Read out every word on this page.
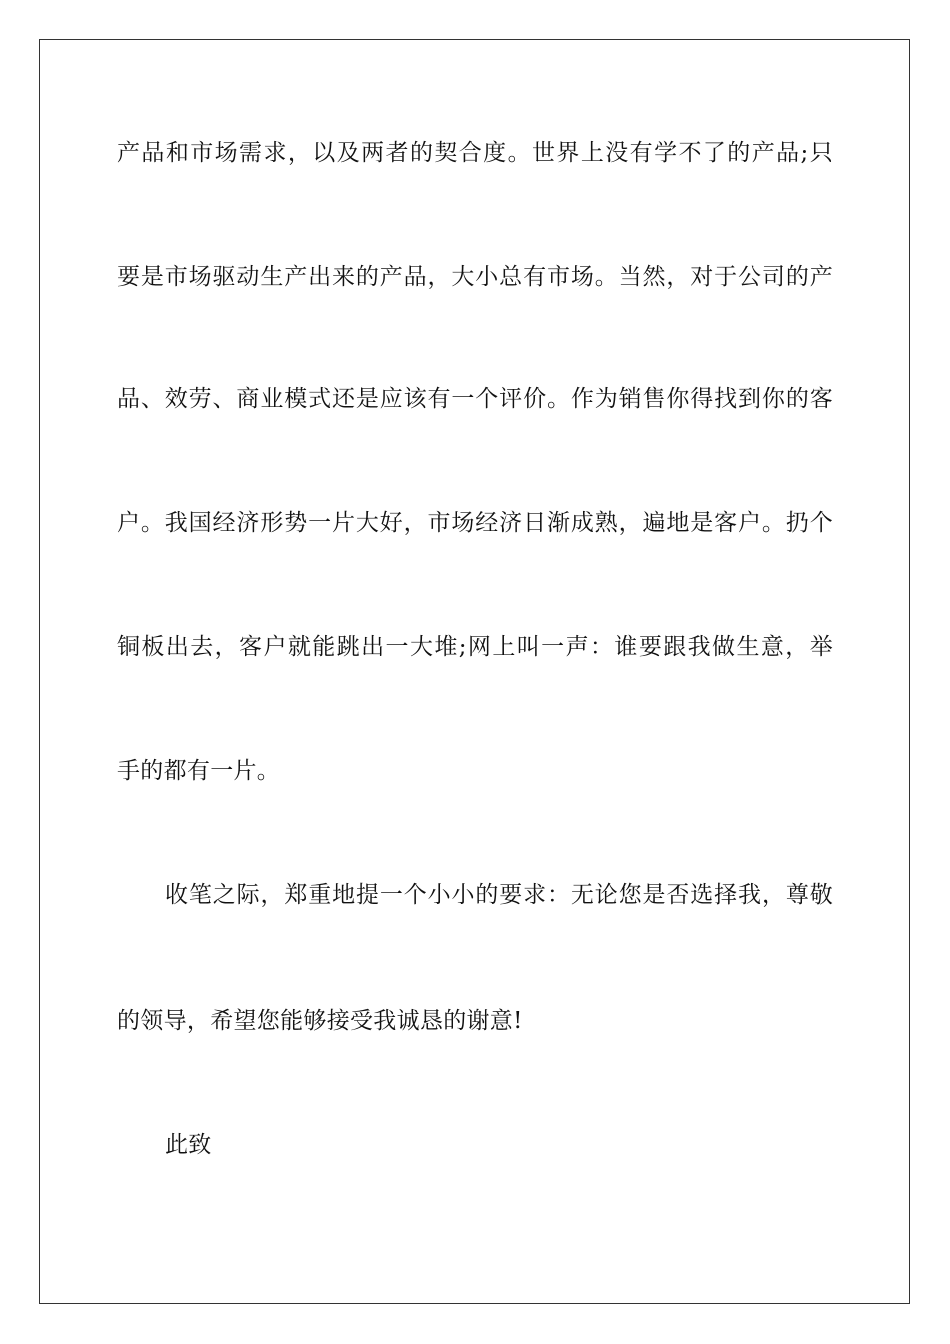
产品和市场需求，以及两者的契合度。世界上没有学不了的产品;只
要是市场驱动生产出来的产品，大小总有市场。当然，对于公司的产
品、效劳、商业模式还是应该有一个评价。作为销售你得找到你的客
户。我国经济形势一片大好，市场经济日渐成熟，遍地是客户。扔个
铜板出去，客户就能跳出一大堆;网上叫一声：谁要跟我做生意，举
手的都有一片。
收笔之际，郑重地提一个小小的要求：无论您是否选择我，尊敬
的领导，希望您能够接受我诚恳的谢意!
此致
